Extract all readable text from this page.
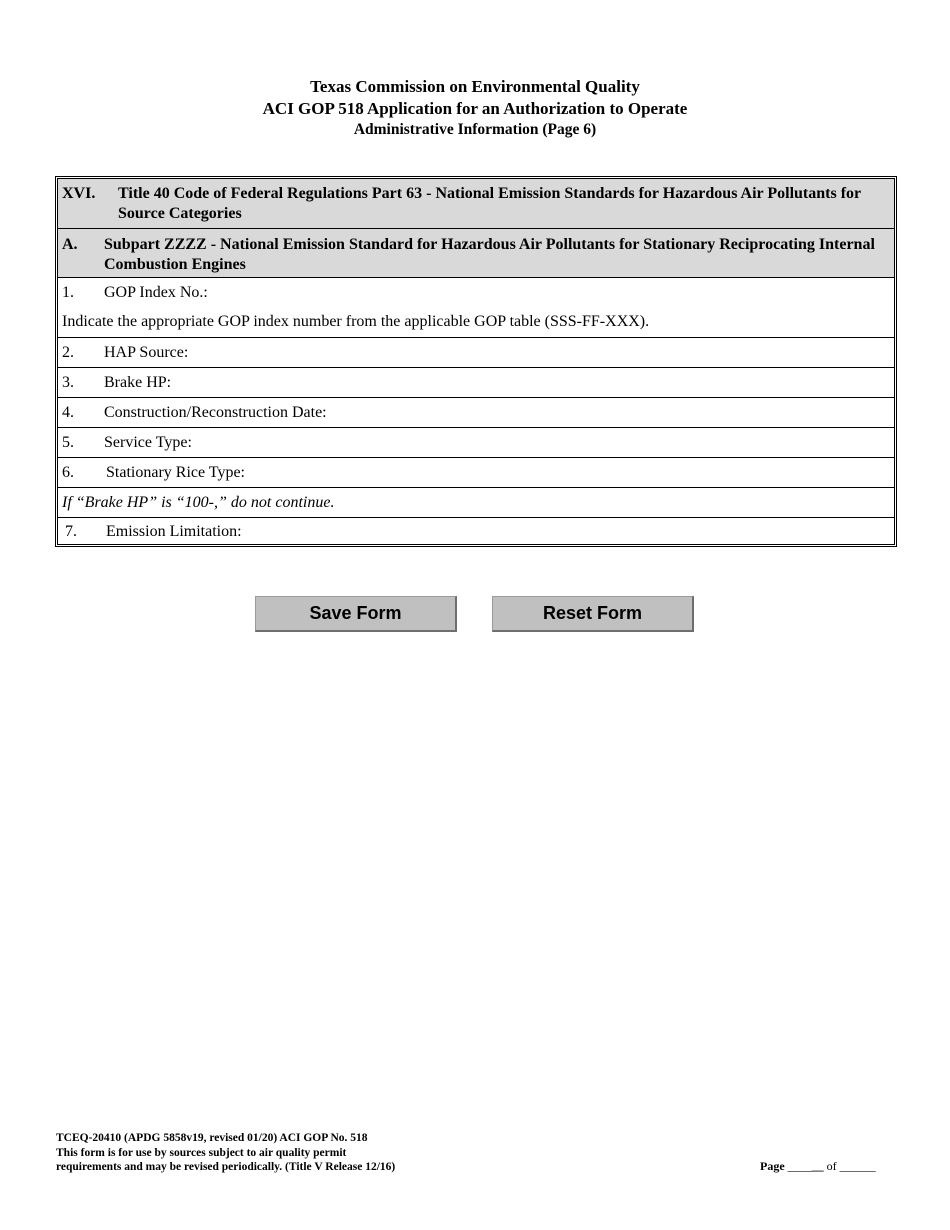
Texas Commission on Environmental Quality
ACI GOP 518 Application for an Authorization to Operate
Administrative Information (Page 6)
XVI. Title 40 Code of Federal Regulations Part 63 - National Emission Standards for Hazardous Air Pollutants for Source Categories
A. Subpart ZZZZ - National Emission Standard for Hazardous Air Pollutants for Stationary Reciprocating Internal Combustion Engines
1. GOP Index No.:
Indicate the appropriate GOP index number from the applicable GOP table (SSS-FF-XXX).
2. HAP Source:
3. Brake HP:
4. Construction/Reconstruction Date:
5. Service Type:
6. Stationary Rice Type:
If “Brake HP” is “100-,” do not continue.
7. Emission Limitation:
Save Form	Reset Form
TCEQ-20410 (APDG 5858v19, revised 01/20) ACI GOP No. 518
This form is for use by sources subject to air quality permit
requirements and may be revised periodically. (Title V Release 12/16)	Page ______ of ______
